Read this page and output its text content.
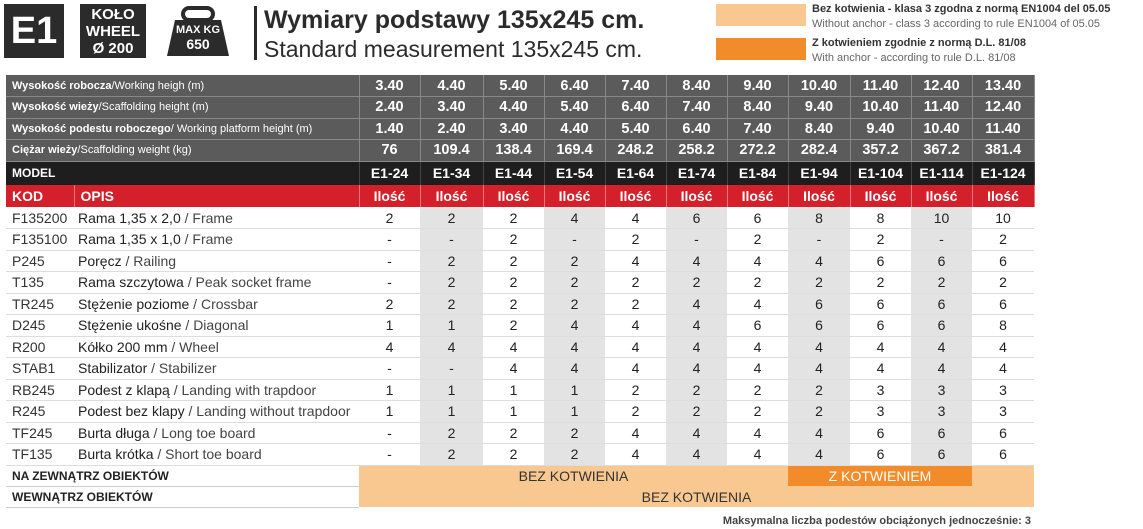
E1	KOŁO
WHEEL
Ø 200
MAX KG
650
Wymiary podstawy 135x245 cm.
Standard measurement 135x245 cm.
Bez kotwienia - klasa 3 zgodna z normą EN1004 del 05.05
Without anchor - class 3 according to rule EN1004 of 05.05
Z kotwieniem zgodnie z normą D.L. 81/08
With anchor - according to rule D.L. 81/08
Wysokość robocza/Working heigh (m)		3.40	4.40	5.40	6.40	7.40	8.40	9.40	10.40	11.40	12.40	13.40
Wysokość wieży/Scaffolding height (m)		2.40	3.40	4.40	5.40	6.40	7.40	8.40	9.40	10.40	11.40	12.40
Wysokość podestu roboczego/ Working platform height (m)		1.40	2.40	3.40	4.40	5.40	6.40	7.40	8.40	9.40	10.40	11.40
Ciężar wieży/Scaffolding weight (kg)		76	109.4	138.4	169.4	248.2	258.2	272.2	282.4	357.2	367.2	381.4
MODEL		E1-24	E1-34	E1-44	E1-54	E1-64	E1-74	E1-84	E1-94	E1-104	E1-114	E1-124
KOD	OPIS	Ilość	Ilość	Ilość	Ilość	Ilość	Ilość	Ilość	Ilość	Ilość	Ilość	Ilość
F135200	Rama 1,35 x 2,0 / Frame	2	2	2	4	4	6	6	8	8	10	10
F135100	Rama 1,35 x 1,0 / Frame	-	-	2	-	2	-	2	-	2	-	2
P245	Poręcz / Railing	-	2	2	2	4	4	4	4	6	6	6
T135	Rama szczytowa / Peak socket frame	-	2	2	2	2	2	2	2	2	2	2
TR245	Stężenie poziome / Crossbar	2	2	2	2	2	4	4	6	6	6	6
D245	Stężenie ukośne / Diagonal	1	1	2	4	4	4	6	6	6	6	8
R200	Kółko 200 mm / Wheel	4	4	4	4	4	4	4	4	4	4	4
STAB1	Stabilizator / Stabilizer	-	-	4	4	4	4	4	4	4	4	4
RB245	Podest z klapą / Landing with trapdoor	1	1	1	1	2	2	2	2	3	3	3
R245	Podest bez klapy / Landing without trapdoor	1	1	1	1	2	2	2	2	3	3	3
TF245	Burta długa / Long toe board	-	2	2	2	4	4	4	4	6	6	6
TF135	Burta krótka / Short toe board	-	2	2	2	4	4	4	4	6	6	6
NA ZEWNĄTRZ OBIEKTÓW		BEZ KOTWIENIA							Z KOTWIENIEM			
WEWNĄTRZ OBIEKTÓW		BEZ KOTWIENIA										
Maksymalna liczba podestów obciążonych jednocześnie: 3
